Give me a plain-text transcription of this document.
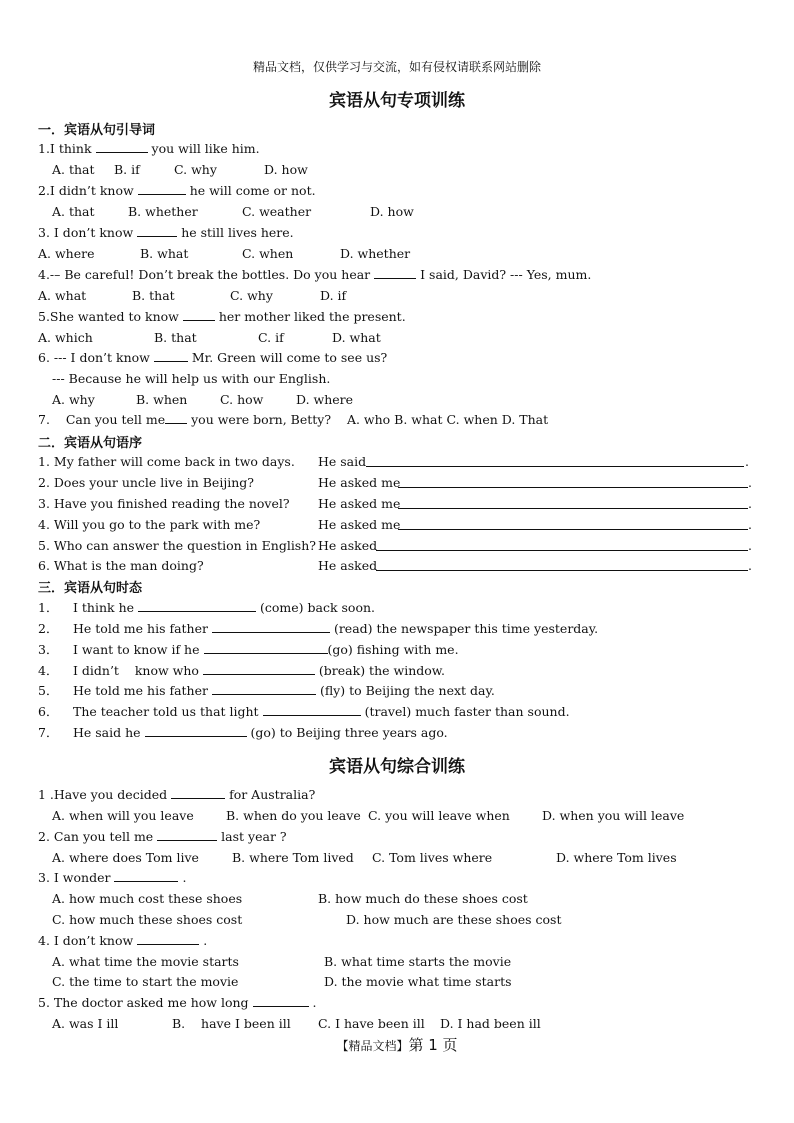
精品文档，仅供学习与交流，如有侵权请联系网站删除
宾语从句专项训练
一．宾语从句引导词
1.I think	you will like him.
A. that B. if	C. why	D. how
2.I didn’t know	he will come or not.
A. that	B. whether	C. weather	D. how
3. I don’t know	he still lives here.
A. where	B. what	C. when	D. whether
4.-– Be careful! Don’t break the bottles. Do you hear	I said, David? --- Yes, mum.
A. what	B. that	C. why	D. if
5.She wanted to know	her mother liked the present.
A. which	B. that	C. if	D. what
6. --- I don’t know	Mr. Green will come to see us?
--- Because he will help us with our English.
A. why	B. when	C. how	D. where
7.    Can you tell me you were born, Betty?    A. who B. what C. when D. That
二．宾语从句语序
1. My father will come back in two days. He said	.
2. Does your uncle live in Beijing?	He asked me	.
3. Have you finished reading the novel? He asked me	.
4. Will you go to the park with me?	He asked me	.
5. Who can answer the question in English? He asked	.
6. What is the man doing?	He asked	.
三．宾语从句时态
1． I think he	(come) back soon.
2． He told me his father	(read) the newspaper this time yesterday.
3． I want to know if he	(go) fishing with me.
4． I didn’t    know who	(break) the window.
5． He told me his father	(fly) to Beijing the next day.
6． The teacher told us that light	(travel) much faster than sound.
7． He said he	(go) to Beijing three years ago.
宾语从句综合训练
1 .Have you decided	for Australia?
A. when will you leave	B. when do you leave C. you will leave when	D. when you will leave
2. Can you tell me	last year ?
A. where does Tom live	B. where Tom lived C. Tom lives where	D. where Tom lives
3. I wonder	.
A. how much cost these shoes	B. how much do these shoes cost
C. how much these shoes cost	D. how much are these shoes cost
4. I don’t know	.
A. what time the movie starts	B. what time starts the movie
C. the time to start the movie	D. the movie what time starts
5. The doctor asked me how long	.
A. was I ill	B.    have I been ill C. I have been ill D. I had been ill
【精品文档】第 1 页
